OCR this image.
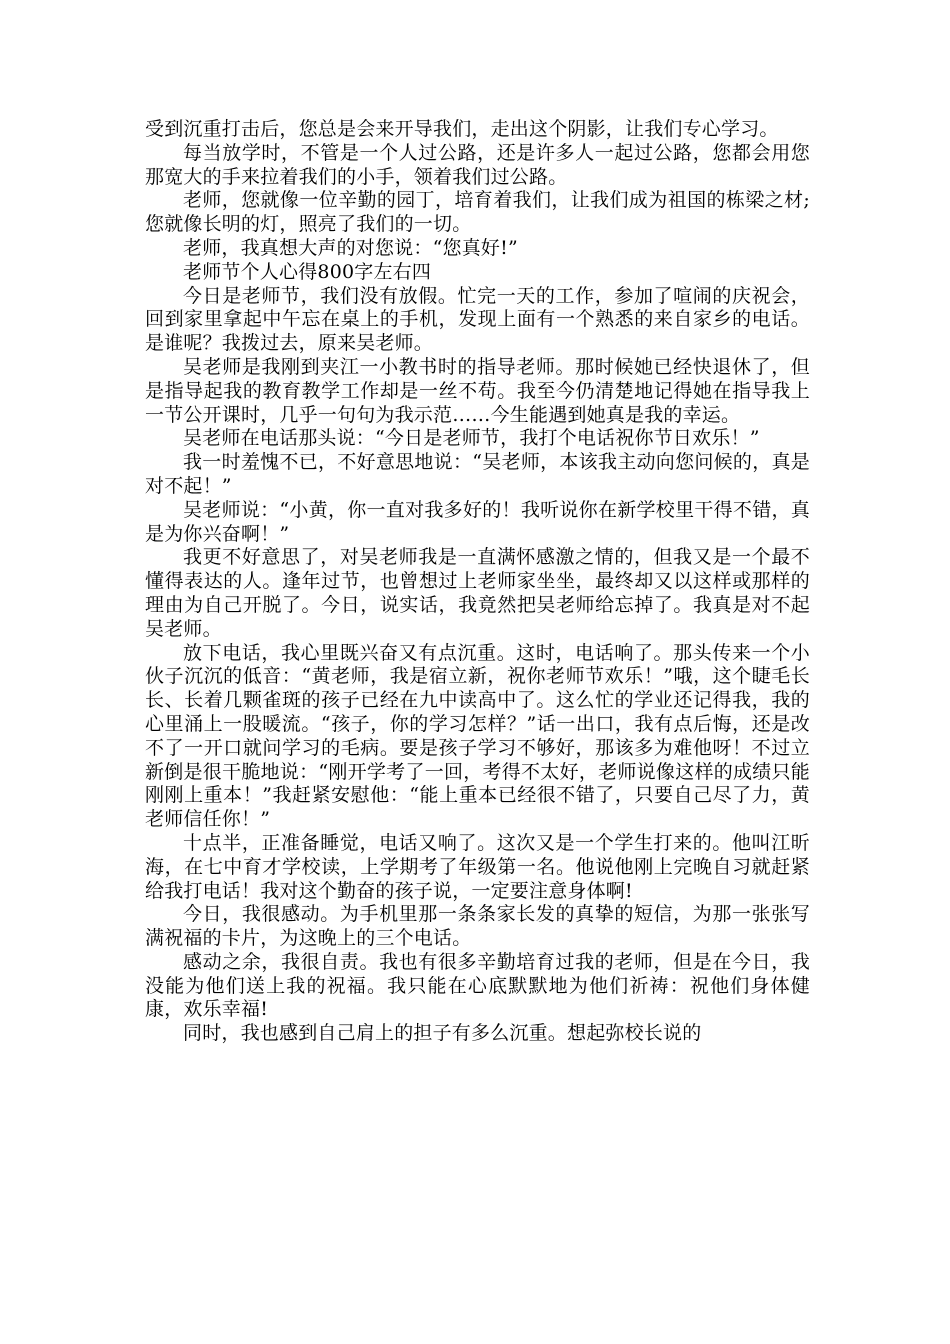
受到沉重打击后，您总是会来开导我们，走出这个阴影，让我们专心学习。

每当放学时，不管是一个人过公路，还是许多人一起过公路，您都会用您那宽大的手来拉着我们的小手，领着我们过公路。

老师，您就像一位辛勤的园丁，培育着我们，让我们成为祖国的栋梁之材;您就像长明的灯，照亮了我们的一切。

老师，我真想大声的对您说：“您真好!”

老师节个人心得800字左右四

今日是老师节，我们没有放假。忙完一天的工作，参加了喧闹的庆祝会，回到家里拿起中午忘在桌上的手机，发现上面有一个熟悉的来自家乡的电话。是谁呢？我拨过去，原来吴老师。

吴老师是我刚到夹江一小教书时的指导老师。那时候她已经快退休了，但是指导起我的教育教学工作却是一丝不苟。我至今仍清楚地记得她在指导我上一节公开课时，几乎一句句为我示范……今生能遇到她真是我的幸运。

吴老师在电话那头说：“今日是老师节，我打个电话祝你节日欢乐！”

我一时羞愧不已，不好意思地说：“吴老师，本该我主动向您问候的，真是对不起！”

吴老师说：“小黄，你一直对我多好的！我听说你在新学校里干得不错，真是为你兴奋啊！”

我更不好意思了，对吴老师我是一直满怀感激之情的，但我又是一个最不懂得表达的人。逢年过节，也曾想过上老师家坐坐，最终却又以这样或那样的理由为自己开脱了。今日，说实话，我竟然把吴老师给忘掉了。我真是对不起吴老师。

放下电话，我心里既兴奋又有点沉重。这时，电话响了。那头传来一个小伙子沉沉的低音：“黄老师，我是宿立新，祝你老师节欢乐！”哦，这个睫毛长长、长着几颗雀斑的孩子已经在九中读高中了。这么忙的学业还记得我，我的心里涌上一股暖流。“孩子，你的学习怎样？”话一出口，我有点后悔，还是改不了一开口就问学习的毛病。要是孩子学习不够好，那该多为难他呀！不过立新倒是很干脆地说：“刚开学考了一回，考得不太好，老师说像这样的成绩只能刚刚上重本！”我赶紧安慰他：“能上重本已经很不错了，只要自己尽了力，黄老师信任你！”

十点半，正准备睡觉，电话又响了。这次又是一个学生打来的。他叫江昕海，在七中育才学校读，上学期考了年级第一名。他说他刚上完晚自习就赶紧给我打电话！我对这个勤奋的孩子说，一定要注意身体啊!

今日，我很感动。为手机里那一条条家长发的真挚的短信，为那一张张写满祝福的卡片，为这晚上的三个电话。

感动之余，我很自责。我也有很多辛勤培育过我的老师，但是在今日，我没能为他们送上我的祝福。我只能在心底默默地为他们祈祷：祝他们身体健康，欢乐幸福!

同时，我也感到自己肩上的担子有多么沉重。想起弥校长说的
